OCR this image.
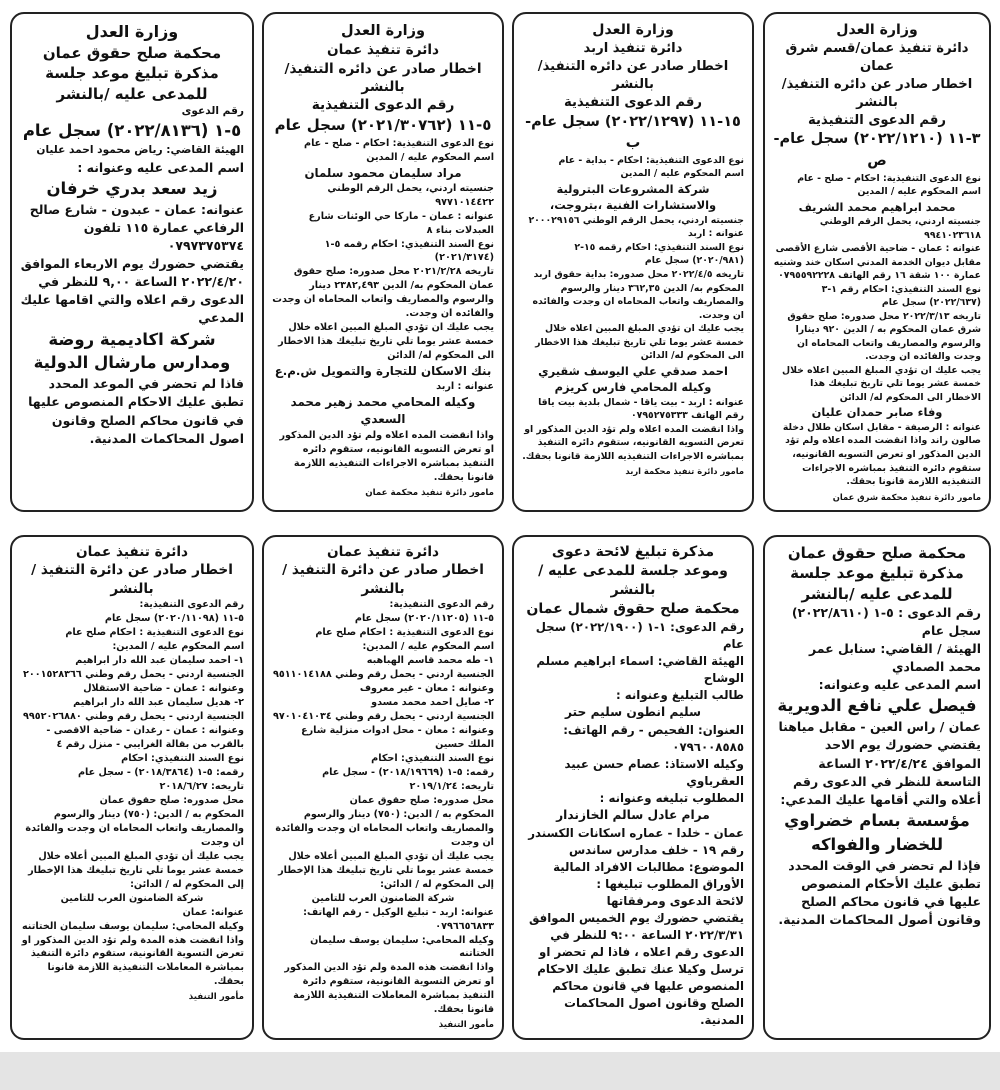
وزارة العدل
دائرة تنفيذ عمان/قسم شرق عمان
اخطار صادر عن دائره التنفيذ/ بالنشر
رقم الدعوى التنفيذية
٣-١١ (٢٠٢٢/١٢١٠) سجل عام-ص
نوع الدعوى التنفيذية: احكام - صلح - عام
اسم المحكوم عليه / المدين
محمد ابراهيم محمد الشريف
جنسيته اردني، يحمل الرقم الوطني ٩٩٤١٠٢٣٦١٨
عنوانه : عمان - ضاحية الأقصى شارع الأقصى مقابل ديوان الخدمة المدني اسكان خند وشنيه عمارة ١٠٠ شقة ١٦ رقم الهاتف ٠٧٩٥٥٩٢٢٢٨
نوع السند التنفيذي: احكام رقم ١-٣ (٢٠٢٢/٦٣٧) سجل عام
تاريخه ٢٠٢٢/٣/١٣ محل صدوره: صلح حقوق شرق عمان المحكوم به / الدين ٩٢٠ دينارا والرسوم والمصاريف واتعاب المحاماه ان وجدت والفائده ان وجدت.
يجب عليك ان تؤدي المبلغ المبين اعلاه خلال خمسة عشر يوما تلي تاريخ تبليغك هذا الاخطار الى المحكوم له/ الدائن
وفاء صابر حمدان عليان
عنوانه : الرصيفة - مقابل اسكان طلال دخلة صالون راند واذا انقضت المده اعلاه ولم تؤد الدين المذكور او تعرض التسويه القانونيه، ستقوم دائره التنفيذ بمباشره الاجراءات التنفيذيه اللازمة قانونا بحقك.
مامور دائرة تنفيذ محكمة شرق عمان
وزارة العدل
دائرة تنفيذ اربد
اخطار صادر عن دائره التنفيذ/ بالنشر
رقم الدعوى التنفيذية
١٥-١١ (٢٠٢٢/١٢٩٧) سجل عام-ب
نوع الدعوى التنفيذية: احكام - بداية - عام
اسم المحكوم عليه / المدين
شركة المشروعات البترولية والاستشارات الفنية ،بتروجت،
جنسيته اردني، يحمل الرقم الوطني ٢٠٠٠٢٩١٥٦
عنوانه : اربد
نوع السند التنفيذي: احكام رقمه ١٥-٢ (٢٠٢٠/٩٨١) سجل عام
تاريخه ٢٠٢٢/٤/٥ محل صدوره: بداية حقوق اربد المحكوم به/ الدين ٣٦٢,٣٥ دينار والرسوم والمصاريف واتعاب المحاماه ان وجدت والفائده ان وجدت.
يجب عليك ان تؤدي المبلغ المبين اعلاه خلال خمسة عشر يوما تلي تاريخ تبليغك هذا الاخطار الى المحكوم له/ الدائن
احمد صدقي علي اليوسف شقيري
وكيله المحامي فارس كريزم
عنوانه : اربد - بيت ياقا - شمال بلدية بيت ياقا رقم الهاتف ٠٧٩٥٢٧٥٣٣٣
واذا انقضت المده اعلاه ولم تؤد الدين المذكور او تعرض التسويه القانونيه، ستقوم دائره التنفيذ بمباشره الاجراءات التنفيذيه اللازمة قانونا بحقك.
مامور دائرة تنفيذ محكمة اربد
وزارة العدل
دائرة تنفيذ عمان
اخطار صادر عن دائره التنفيذ/ بالنشر
رقم الدعوى التنفيذية
٥-١١ (٢٠٢١/٣٠٧٦٢) سجل عام
نوع الدعوى التنفيذية: احكام - صلح - عام
اسم المحكوم عليه / المدين
مراد سليمان محمود سلمان
جنسيته اردني، يحمل الرقم الوطني ٩٧٧١٠١٤٤٢٢
عنوانه : عمان - ماركا حي الوئنات شارع العبدلات بناء ٨
نوع السند التنفيذي: احكام رقمه ٥-١ (٢٠٢١/٣١٧٤)
تاريخه ٢٠٢١/٢/٢٨ محل صدوره: صلح حقوق عمان المحكوم به/ الدين ٢٣٨٢,٤٩٣ دينار والرسوم والمصاريف واتعاب المحاماه ان وجدت والفائده ان وجدت.
يجب عليك ان تؤدي المبلغ المبين اعلاه خلال خمسة عشر يوما تلي تاريخ تبليغك هذا الاخطار الى المحكوم له/ الدائن
بنك الاسكان للتجارة والتمويل ش.م.ع
عنوانه : اربد
وكيله المحامي محمد زهير محمد السعدي
واذا انقضت المده اعلاه ولم تؤد الدين المذكور او تعرض التسويه القانونيه، ستقوم دائره التنفيذ بمباشره الاجراءات التنفيذيه اللازمة قانونا بحقك.
مامور دائرة تنفيذ محكمة عمان
وزارة العدل
محكمة صلح حقوق عمان
مذكرة تبليغ موعد جلسة للمدعى عليه /بالنشر
رقم الدعوى
٥-١ (٢٠٢٢/٨١٣٦) سجل عام
الهيئة القاضي: رياض محمود احمد عليان
اسم المدعى عليه وعنوانه :
زيد سعد بدري خرفان
عنوانه: عمان - عبدون - شارع صالح الرفاعي عمارة ١١٥ تلفون ٠٧٩٧٣٧٥٣٧٤
يقتضي حضورك يوم الاربعاء الموافق ٢٠٢٢/٤/٢٠ الساعة ٩,٠٠ للنظر في الدعوى رقم اعلاه والتي اقامها عليك المدعي
شركة اكاديمية روضة ومدارس مارشال الدولية
فاذا لم تحضر في الموعد المحدد تطبق عليك الاحكام المنصوص عليها في قانون محاكم الصلح وقانون اصول المحاكمات المدنية.
محكمة صلح حقوق عمان
مذكرة تبليغ موعد جلسة للمدعى عليه /بالنشر
رقم الدعوى : ٥-١ (٢٠٢٢/٨٦١٠) سجل عام
الهيئة / القاضي: سنابل عمر محمد الصمادي
اسم المدعى عليه وعنوانه:
فيصل علي نافع الدويرية
عمان / راس العين - مقابل مياهنا
يقتضي حضورك يوم الاحد الموافق ٢٠٢٢/٤/٢٤ الساعة التاسعة للنظر في الدعوى رقم أعلاه والتي أقامها عليك المدعي:
مؤسسة بسام خضراوي للخضار والفواكه
فإذا لم تحضر في الوقت المحدد تطبق عليك الأحكام المنصوص عليها في قانون محاكم الصلح وقانون أصول المحاكمات المدنية.
مذكرة تبليغ لائحة دعوى
وموعد جلسة للمدعى عليه / بالنشر
محكمة صلح حقوق شمال عمان
رقم الدعوى: ١-١ (٢٠٢٢/١٩٠٠) سجل عام
الهيئة القاضي: اسماء ابراهيم مسلم الوشاح
طالب التبليغ وعنوانه :
سليم انطون سليم حتر
العنوان: الفحيص - رقم الهاتف: ٠٧٩٦٠٠٨٥٨٥
وكيله الاستاذ: عصام حسن عبيد العقرباوي
المطلوب تبليغه وعنوانه :
مرام عادل سالم الخازندار
عمان - خلدا - عماره اسكانات الكسندر رقم ١٩ - خلف مدارس ساندس
الموضوع: مطالبات الافراد المالية
الأوراق المطلوب تبليغها :
لائحة الدعوى ومرفقاتها
يقتضي حضورك يوم الخميس الموافق ٢٠٢٢/٣/٣١ الساعة ٩:٠٠ للنظر في الدعوى رقم اعلاه ، فاذا لم تحضر او ترسل وكيلا عنك تطبق عليك الاحكام المنصوص عليها في قانون محاكم الصلح وقانون اصول المحاكمات المدنية.
دائرة تنفيذ عمان
اخطار صادر عن دائرة التنفيذ / بالنشر
رقم الدعوى التنفيذية:
٥-١١ (٢٠٢٠/١١٢٠٥) سجل عام
نوع الدعوى التنفيذية : احكام صلح عام
اسم المحكوم عليه / المدين:
١- طه محمد قاسم الهباهبه
الجنسية اردني - يحمل رقم وطني ٩٥١١٠١٤١٨٨
وعنوانه : معان - غير معروف
٢- صايل احمد محمد مسدو
الجنسية اردني - يحمل رقم وطني ٩٧٠١٠٤١٠٣٤
وعنوانه : معان - محل ادوات منزلية شارع الملك حسين
نوع السند التنفيذي: احكام
رقمه: ٥-١ (٢٠١٨/١٩٦٦٩) - سجل عام
تاريخه: ٢٠١٩/١/٢٤
محل صدوره: صلح حقوق عمان
المحكوم به / الدين: (٧٥٠) دينار والرسوم والمصاريف واتعاب المحاماه ان وجدت والفائدة ان وجدت
يجب عليك أن تؤدي المبلغ المبين أعلاه خلال خمسة عشر يوما تلي تاريخ تبليغك هذا الإخطار إلى المحكوم له / الدائن:
شركة الضامنون العرب للتامين
عنوانه: اربد - تبليغ الوكيل - رقم الهاتف: ٠٧٩٦٦٥٦٨٣٣
وكيله المحامي: سليمان يوسف سليمان الختاتنه
واذا انقضت هذه المدة ولم تؤد الدين المذكور او تعرض التسوية القانونية، ستقوم دائرة التنفيذ بمباشرة المعاملات التنفيذية اللازمة قانونا بحقك.
مأمور التنفيذ
دائرة تنفيذ عمان
اخطار صادر عن دائرة التنفيذ / بالنشر
رقم الدعوى التنفيذية:
٥-١١ (٢٠٢٠/١١٠٩٨) سجل عام
نوع الدعوى التنفيذية : احكام صلح عام
اسم المحكوم عليه / المدين:
١- احمد سليمان عبد الله دار ابراهيم
الجنسية اردني - يحمل رقم وطني ٢٠٠١٥٢٨٣٦٦
وعنوانه : عمان - ضاحية الاستقلال
٢- هديل سليمان عبد الله دار ابراهيم
الجنسية اردني - يحمل رقم وطني ٩٩٥٢٠٢٦٨٨٠
وعنوانه : عمان - رغدان - ضاحية الاقصى - بالقرب من بقالة الغرايبي - منزل رقم ٤
نوع السند التنفيذي: احكام
رقمه: ٥-١ (٢٠١٨/٣٨٦٤) - سجل عام
تاريخه: ٢٠١٨/٦/٢٧
محل صدوره: صلح حقوق عمان
المحكوم به / الدين: (٧٥٠) دينار والرسوم والمصاريف واتعاب المحاماه ان وجدت والفائدة ان وجدت
يجب عليك أن تؤدي المبلغ المبين أعلاه خلال خمسة عشر يوما تلي تاريخ تبليغك هذا الإخطار إلى المحكوم له / الدائن:
شركة الضامنون العرب للتامين
عنوانه: عمان
وكيله المحامي: سليمان يوسف سليمان الختاتنه
واذا انقضت هذه المدة ولم تؤد الدين المذكور او تعرض التسوية القانونية، ستقوم دائرة التنفيذ بمباشرة المعاملات التنفيذية اللازمة قانونا بحقك.
مأمور التنفيذ
